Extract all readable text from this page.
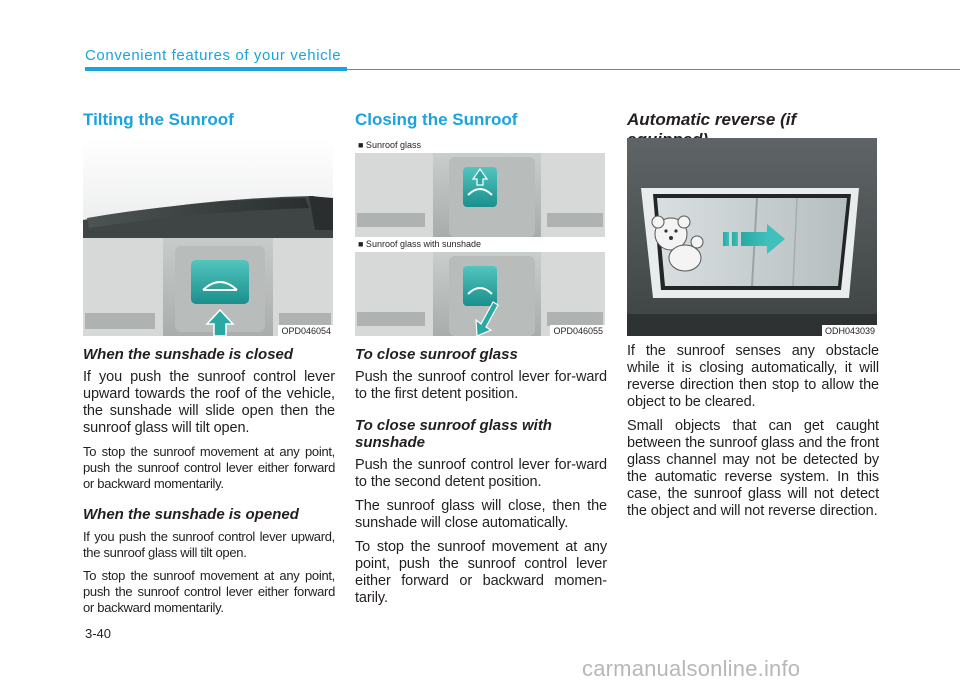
Convenient features of your vehicle
Tilting the Sunroof
OPD046054
When the sunshade is closed
If you push the sunroof control lever upward towards the roof of the vehicle, the sunshade will slide open then the sunroof glass will tilt open.
To stop the sunroof movement at any point, push the sunroof control lever either forward or backward momentarily.
When the sunshade is opened
If you push the sunroof control lever upward, the sunroof glass will tilt open.
To stop the sunroof movement at any point, push the sunroof control lever either forward or backward momentarily.
Closing the Sunroof
■ Sunroof glass
■ Sunroof glass with sunshade
OPD046055
To close sunroof glass
Push the sunroof control lever for-ward to the first detent position.
To close sunroof glass with sunshade
Push the sunroof control lever for-ward to the second detent position.
The sunroof glass will close, then the sunshade will close automatically.
To stop the sunroof movement at any point, push the sunroof control lever either forward or backward momen-tarily.
Automatic reverse (if
ODH043039
If the sunroof senses any obstacle while it is closing automatically, it will reverse direction then stop to allow the object to be cleared.
Small objects that can get caught between the sunroof glass and the front glass channel may not be detected by the automatic reverse system. In this case, the sunroof glass will not detect the object and will not reverse direction.
3-40
carmanualsonline.info
